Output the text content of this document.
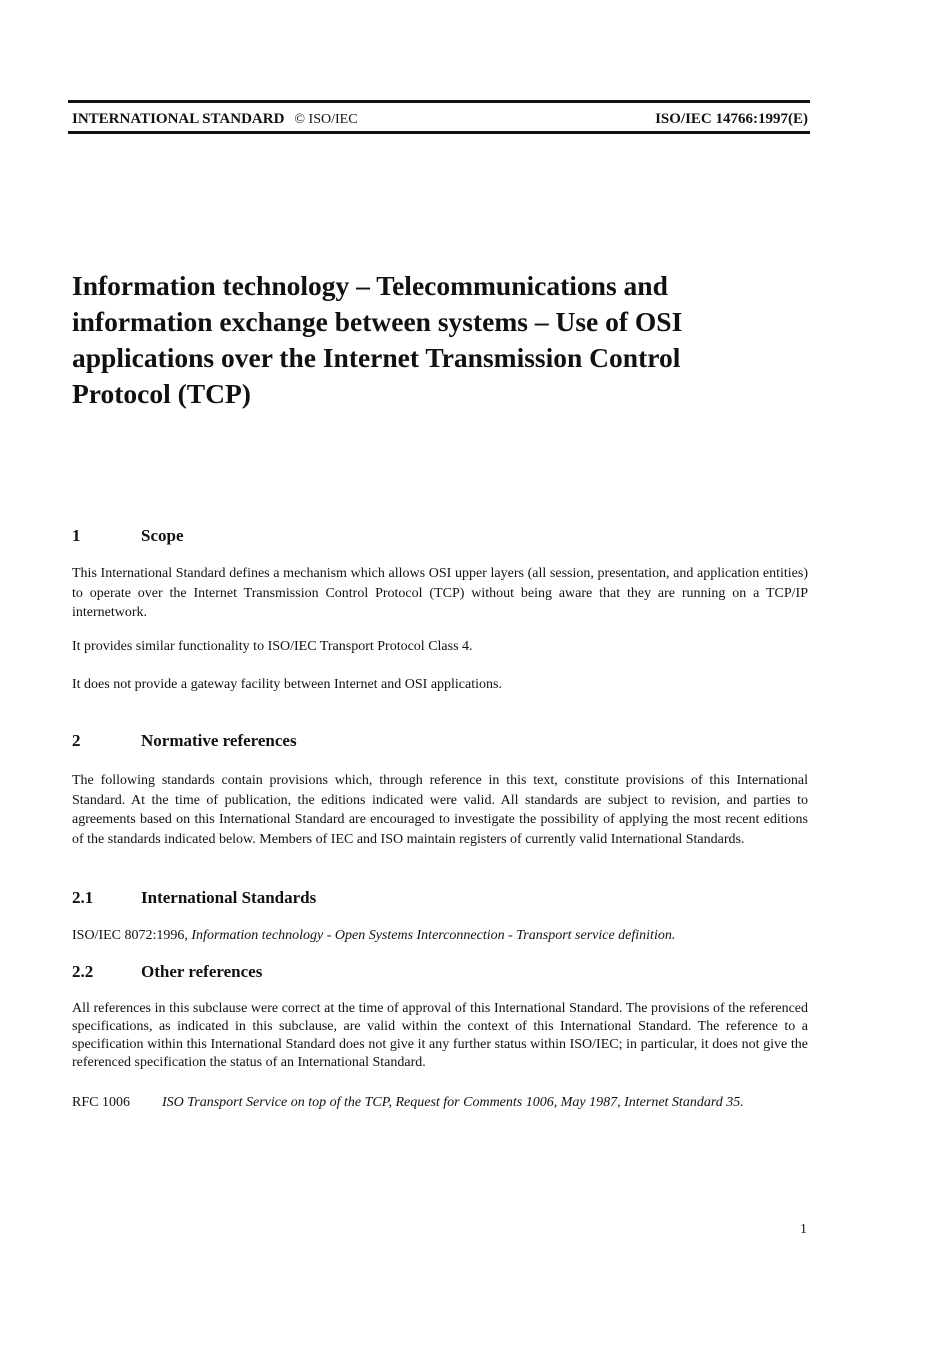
INTERNATIONAL STANDARD © ISO/IEC	ISO/IEC 14766:1997(E)
Information technology – Telecommunications and information exchange between systems – Use of OSI applications over the Internet Transmission Control Protocol (TCP)
1	Scope

This International Standard defines a mechanism which allows OSI upper layers (all session, presentation, and application entities) to operate over the Internet Transmission Control Protocol (TCP) without being aware that they are running on a TCP/IP internetwork.

It provides similar functionality to ISO/IEC Transport Protocol Class 4.

It does not provide a gateway facility between Internet and OSI applications.

2	Normative references

The following standards contain provisions which, through reference in this text, constitute provisions of this International Standard. At the time of publication, the editions indicated were valid. All standards are subject to revision, and parties to agreements based on this International Standard are encouraged to investigate the possibility of applying the most recent editions of the standards indicated below. Members of IEC and ISO maintain registers of currently valid International Standards.

2.1	International Standards

ISO/IEC 8072:1996, Information technology - Open Systems Interconnection - Transport service definition.

2.2	Other references

All references in this subclause were correct at the time of approval of this International Standard. The provisions of the referenced specifications, as indicated in this subclause, are valid within the context of this International Standard. The reference to a specification within this International Standard does not give it any further status within ISO/IEC; in particular, it does not give the referenced specification the status of an International Standard.

RFC 1006 ISO Transport Service on top of the TCP, Request for Comments 1006, May 1987, Internet Standard 35.
1
